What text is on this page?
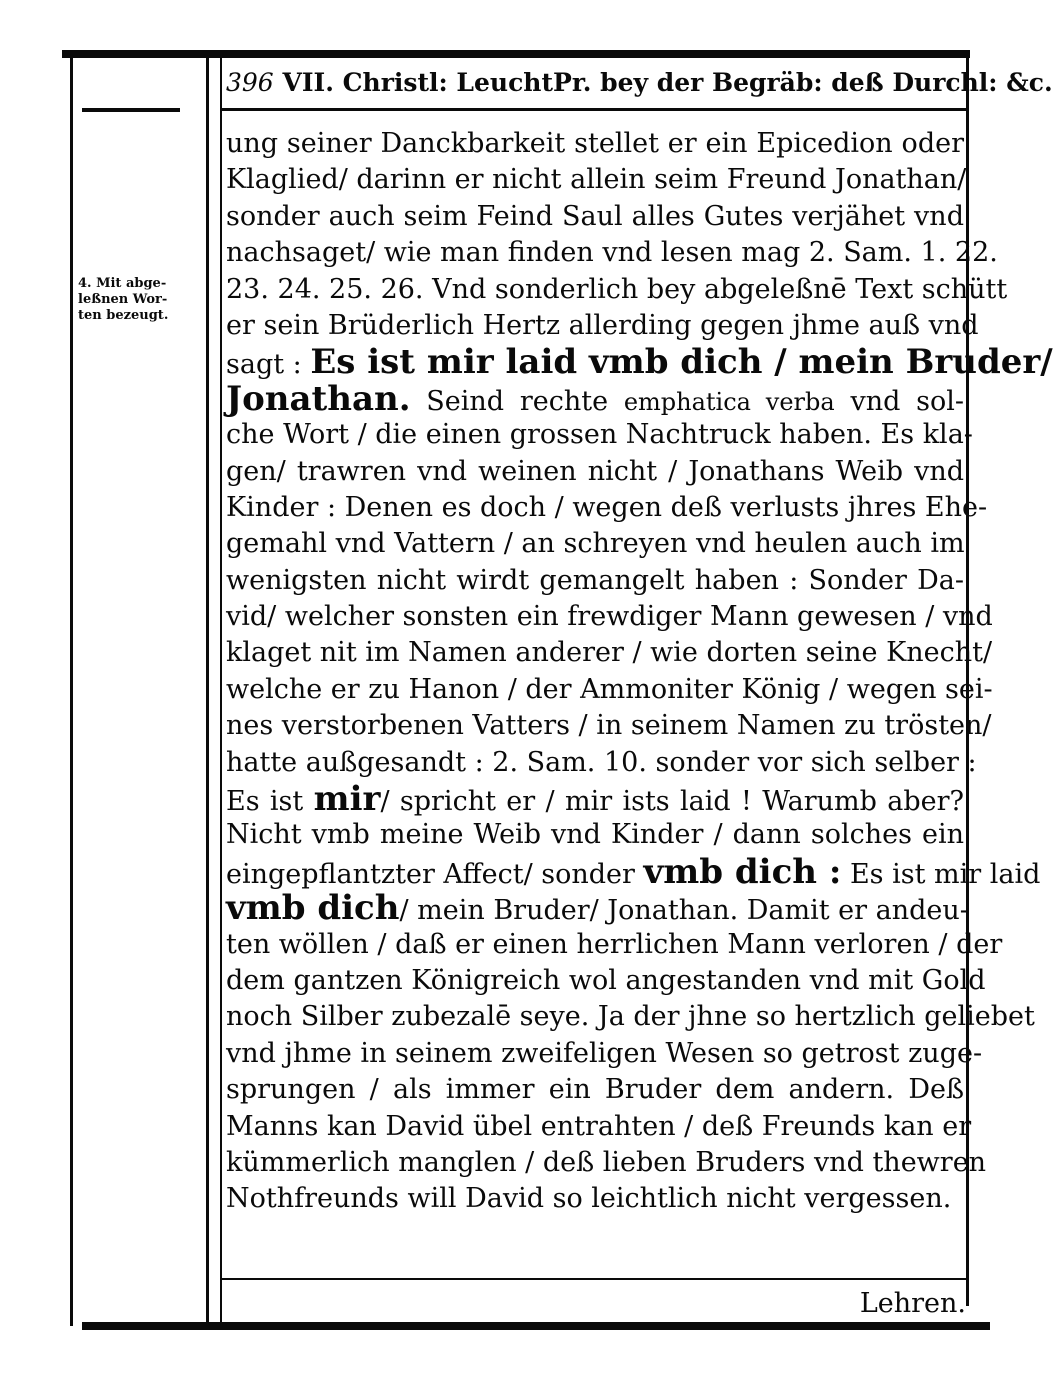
396 VII. Christl: LeuchtPr. bey der Begräb: deß Durchl: &c.
4. Mit abge-
leßnen Wor-
ten bezeugt.
ung seiner Danckbarkeit stellet er ein Epicedion oder
Klaglied/ darinn er nicht allein seim Freund Jonathan/
sonder auch seim Feind Saul alles Gutes verjähet vnd
nachsaget/ wie man finden vnd lesen mag 2. Sam. 1. 22.
23. 24. 25. 26. Vnd sonderlich bey abgeleßnē Text schütt
er sein Brüderlich Hertz allerding gegen jhme auß vnd
sagt : Es ist mir laid vmb dich / mein Bruder/
Jonathan. Seind rechte emphatica verba vnd sol-
che Wort / die einen grossen Nachtruck haben. Es kla-
gen/ trawren vnd weinen nicht / Jonathans Weib vnd
Kinder : Denen es doch / wegen deß verlusts jhres Ehe-
gemahl vnd Vattern / an schreyen vnd heulen auch im
wenigsten nicht wirdt gemangelt haben : Sonder Da-
vid/ welcher sonsten ein frewdiger Mann gewesen / vnd
klaget nit im Namen anderer / wie dorten seine Knecht/
welche er zu Hanon / der Ammoniter König / wegen sei-
nes verstorbenen Vatters / in seinem Namen zu trösten/
hatte außgesandt : 2. Sam. 10. sonder vor sich selber :
Es ist mir/ spricht er / mir ists laid ! Warumb aber?
Nicht vmb meine Weib vnd Kinder / dann solches ein
eingepflantzter Affect/ sonder vmb dich : Es ist mir laid
vmb dich/ mein Bruder/ Jonathan. Damit er andeu-
ten wöllen / daß er einen herrlichen Mann verloren / der
dem gantzen Königreich wol angestanden vnd mit Gold
noch Silber zubezalē seye. Ja der jhne so hertzlich geliebet
vnd jhme in seinem zweifeligen Wesen so getrost zuge-
sprungen / als immer ein Bruder dem andern. Deß
Manns kan David übel entrahten / deß Freunds kan er
kümmerlich manglen / deß lieben Bruders vnd thewren
Nothfreunds will David so leichtlich nicht vergessen.
Lehren.
